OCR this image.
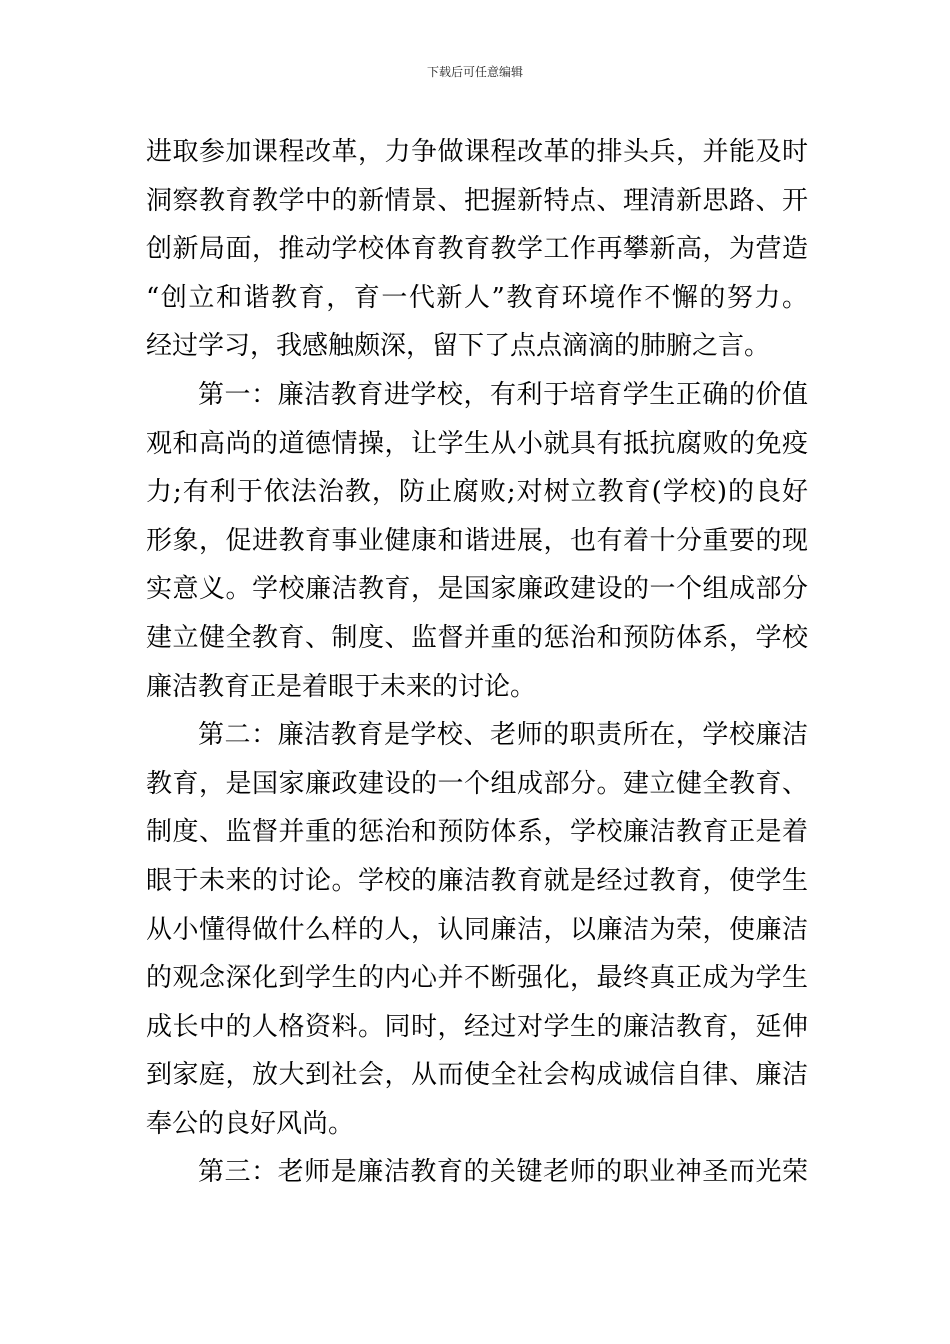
下载后可任意编辑
进取参加课程改革，力争做课程改革的排头兵，并能及时
洞察教育教学中的新情景、把握新特点、理清新思路、开
创新局面，推动学校体育教育教学工作再攀新高，为营造
“创立和谐教育，育一代新人”教育环境作不懈的努力。
经过学习，我感触颇深，留下了点点滴滴的肺腑之言。
第一：廉洁教育进学校，有利于培育学生正确的价值
观和高尚的道德情操，让学生从小就具有抵抗腐败的免疫
力;有利于依法治教，防止腐败;对树立教育(学校)的良好
形象，促进教育事业健康和谐进展，也有着十分重要的现
实意义。学校廉洁教育，是国家廉政建设的一个组成部分
建立健全教育、制度、监督并重的惩治和预防体系，学校
廉洁教育正是着眼于未来的讨论。
第二：廉洁教育是学校、老师的职责所在，学校廉洁
教育，是国家廉政建设的一个组成部分。建立健全教育、
制度、监督并重的惩治和预防体系，学校廉洁教育正是着
眼于未来的讨论。学校的廉洁教育就是经过教育，使学生
从小懂得做什么样的人，认同廉洁，以廉洁为荣，使廉洁
的观念深化到学生的内心并不断强化，最终真正成为学生
成长中的人格资料。同时，经过对学生的廉洁教育，延伸
到家庭，放大到社会，从而使全社会构成诚信自律、廉洁
奉公的良好风尚。
第三：老师是廉洁教育的关键老师的职业神圣而光荣
